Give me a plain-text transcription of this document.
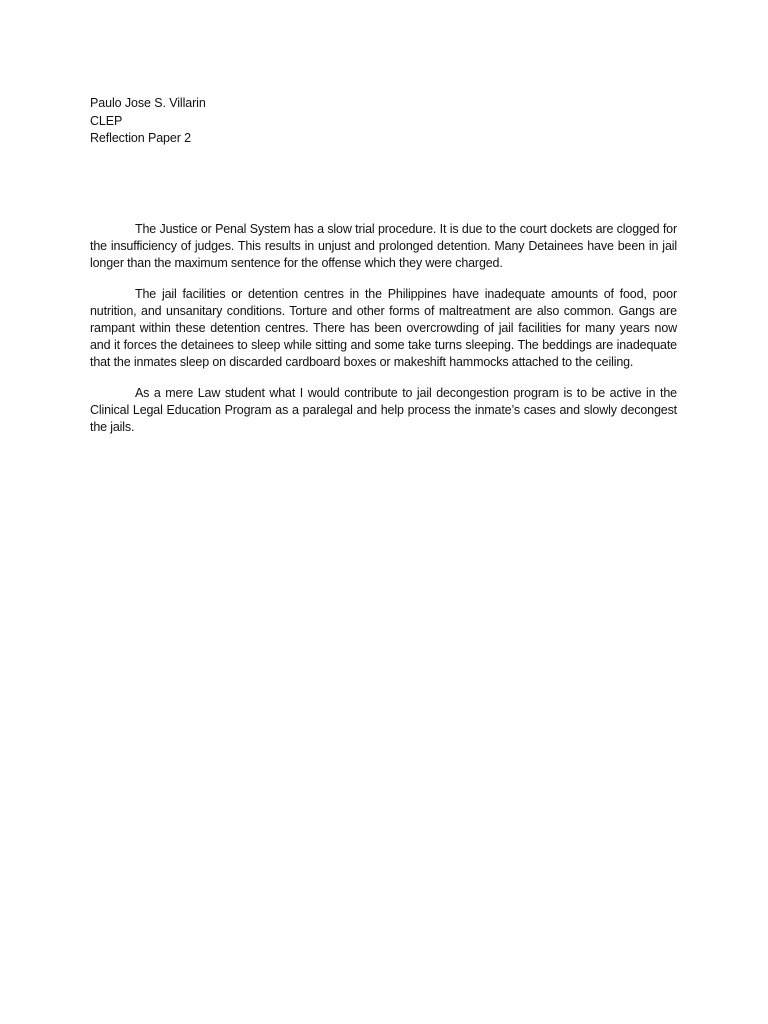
Paulo Jose S. Villarin
CLEP
Reflection Paper 2

The Justice or Penal System has a slow trial procedure. It is due to the court dockets are clogged for the insufficiency of judges. This results in unjust and prolonged detention. Many Detainees have been in jail longer than the maximum sentence for the offense which they were charged.

The jail facilities or detention centres in the Philippines have inadequate amounts of food, poor nutrition, and unsanitary conditions. Torture and other forms of maltreatment are also common. Gangs are rampant within these detention centres. There has been overcrowding of jail facilities for many years now and it forces the detainees to sleep while sitting and some take turns sleeping. The beddings are inadequate that the inmates sleep on discarded cardboard boxes or makeshift hammocks attached to the ceiling.

As a mere Law student what I would contribute to jail decongestion program is to be active in the Clinical Legal Education Program as a paralegal and help process the inmate’s cases and slowly decongest the jails.
